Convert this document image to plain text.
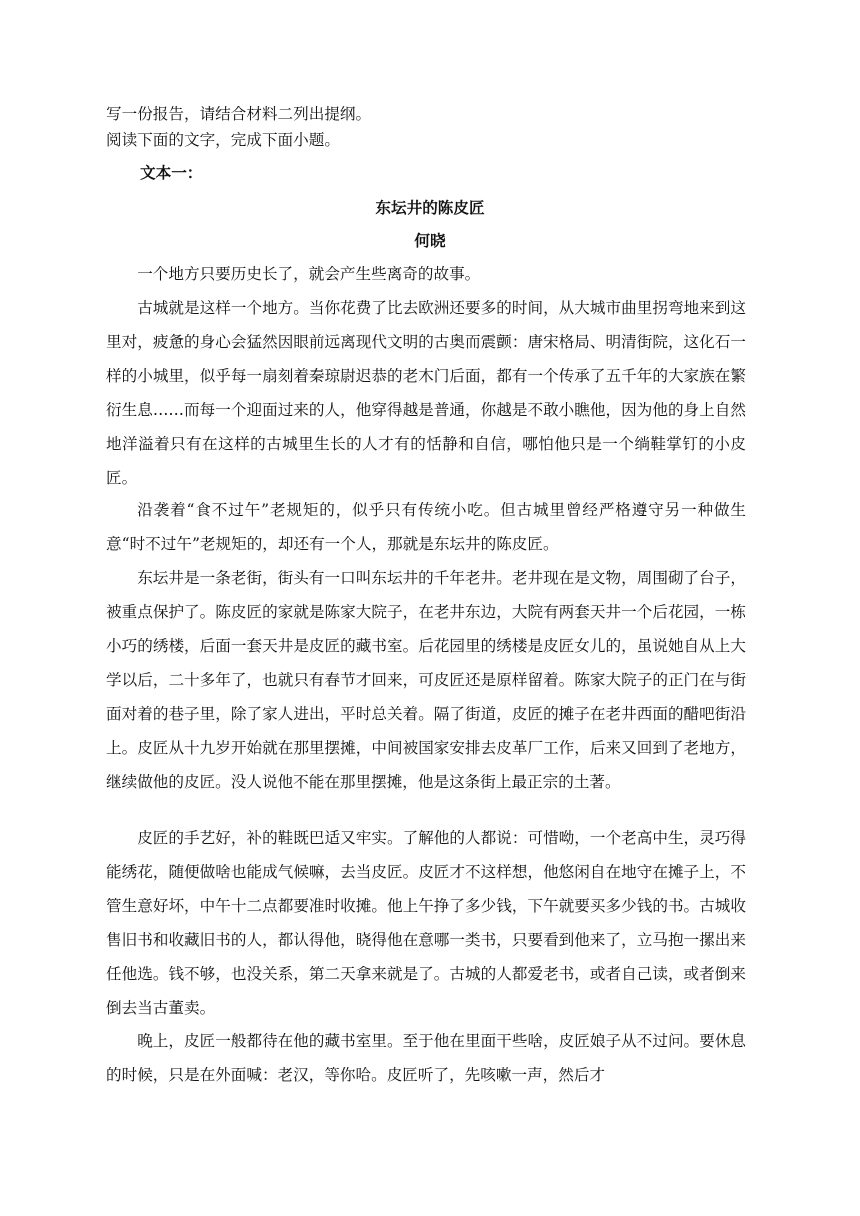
写一份报告，请结合材料二列出提纲。
阅读下面的文字，完成下面小题。
文本一：
东坛井的陈皮匠
何晓

一个地方只要历史长了，就会产生些离奇的故事。

古城就是这样一个地方。当你花费了比去欧洲还要多的时间，从大城市曲里拐弯地来到这里对，疲惫的身心会猛然因眼前远离现代文明的古奥而震颤：唐宋格局、明清街院，这化石一样的小城里，似乎每一扇刻着秦琼尉迟恭的老木门后面，都有一个传承了五千年的大家族在繁衍生息……而每一个迎面过来的人，他穿得越是普通，你越是不敢小瞧他，因为他的身上自然地洋溢着只有在这样的古城里生长的人才有的恬静和自信，哪怕他只是一个绱鞋掌钉的小皮匠。

沿袭着“食不过午”老规矩的，似乎只有传统小吃。但古城里曾经严格遵守另一种做生意“时不过午”老规矩的，却还有一个人，那就是东坛井的陈皮匠。

东坛井是一条老街，街头有一口叫东坛井的千年老井。老井现在是文物，周围砌了台子，被重点保护了。陈皮匠的家就是陈家大院子，在老井东边，大院有两套天井一个后花园，一栋小巧的绣楼，后面一套天井是皮匠的藏书室。后花园里的绣楼是皮匠女儿的，虽说她自从上大学以后，二十多年了，也就只有春节才回来，可皮匠还是原样留着。陈家大院子的正门在与街面对着的巷子里，除了家人进出，平时总关着。隔了街道，皮匠的摊子在老井西面的醋吧街沿上。皮匠从十九岁开始就在那里摆摊，中间被国家安排去皮革厂工作，后来又回到了老地方，继续做他的皮匠。没人说他不能在那里摆摊，他是这条街上最正宗的土著。

皮匠的手艺好，补的鞋既巴适又牢实。了解他的人都说：可惜呦，一个老高中生，灵巧得能绣花，随便做啥也能成气候嘛，去当皮匠。皮匠才不这样想，他悠闲自在地守在摊子上，不管生意好坏，中午十二点都要准时收摊。他上午挣了多少钱，下午就要买多少钱的书。古城收售旧书和收藏旧书的人，都认得他，晓得他在意哪一类书，只要看到他来了，立马抱一摞出来任他选。钱不够，也没关系，第二天拿来就是了。古城的人都爱老书，或者自己读，或者倒来倒去当古董卖。

晚上，皮匠一般都待在他的藏书室里。至于他在里面干些啥，皮匠娘子从不过问。要休息的时候，只是在外面喊：老汉，等你哈。皮匠听了，先咳嗽一声，然后才
